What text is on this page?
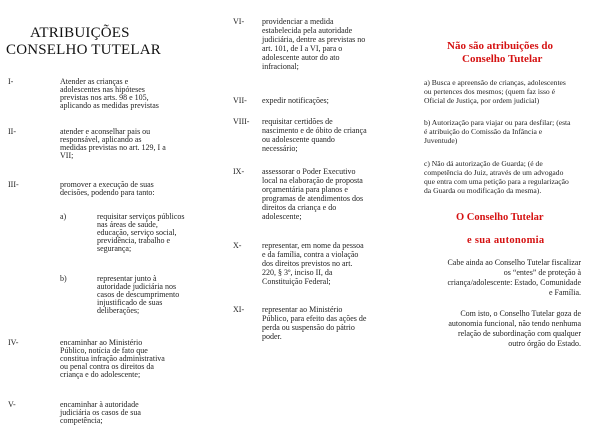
ATRIBUIÇÕES
CONSELHO TUTELAR
I-	Atender as crianças e
adolescentes nas hipóteses
previstas nos arts. 98 e 105,
aplicando as medidas previstas
II-	atender e aconselhar pais ou
responsável, aplicando as
medidas previstas no art. 129, I a
VII;
III-	promover a execução de suas
decisões, podendo para tanto:
a)	requisitar serviços públicos
nas áreas de saúde,
educação, serviço social,
previdência, trabalho e
segurança;
b)	representar junto à
autoridade judiciária nos
casos de descumprimento
injustificado de suas
deliberações;
IV-	encaminhar ao Ministério
Público, notícia de fato que
constitua infração administrativa
ou penal contra os direitos da
criança e do adolescente;
V-	encaminhar à autoridade
judiciária os casos de sua
competência;
VI- providenciar a medida
estabelecida pela autoridade
judiciária, dentre as previstas no
art. 101, de I a VI, para o
adolescente autor do ato
infracional;
VII- expedir notificações;
VIII- requisitar certidões de
nascimento e de óbito de criança
ou adolescente quando
necessário;
IX- assessorar o Poder Executivo
local na elaboração de proposta
orçamentária para planos e
programas de atendimentos dos
direitos da criança e do
adolescente;
X-	representar, em nome da pessoa
e da família, contra a violação
dos direitos previstos no art.
220, § 3º, inciso II, da
Constituição Federal;
XI- representar ao Ministério
Público, para efeito das ações de
perda ou suspensão do pátrio
poder.
Não são atribuições do
Conselho Tutelar
a) Busca e apreensão de crianças, adolescentes
ou pertences dos mesmos; (quem faz isso é
Oficial de Justiça, por ordem judicial)
b) Autorização para viajar ou para desfilar; (esta
é atribuição do Comissão da Infância e
Juventude)
c) Não dá autorização de Guarda; (é de
competência do Juiz, através de um advogado
que entra com uma petição para a regularização
da Guarda ou modificação da mesma).
O Conselho Tutelar
e sua autonomia
Cabe ainda ao Conselho Tutelar fiscalizar
os “entes” de proteção à
criança/adolescente: Estado, Comunidade
e Família.
Com isto, o Conselho Tutelar goza de
autonomia funcional, não tendo nenhuma
relação de subordinação com qualquer
outro órgão do Estado.
